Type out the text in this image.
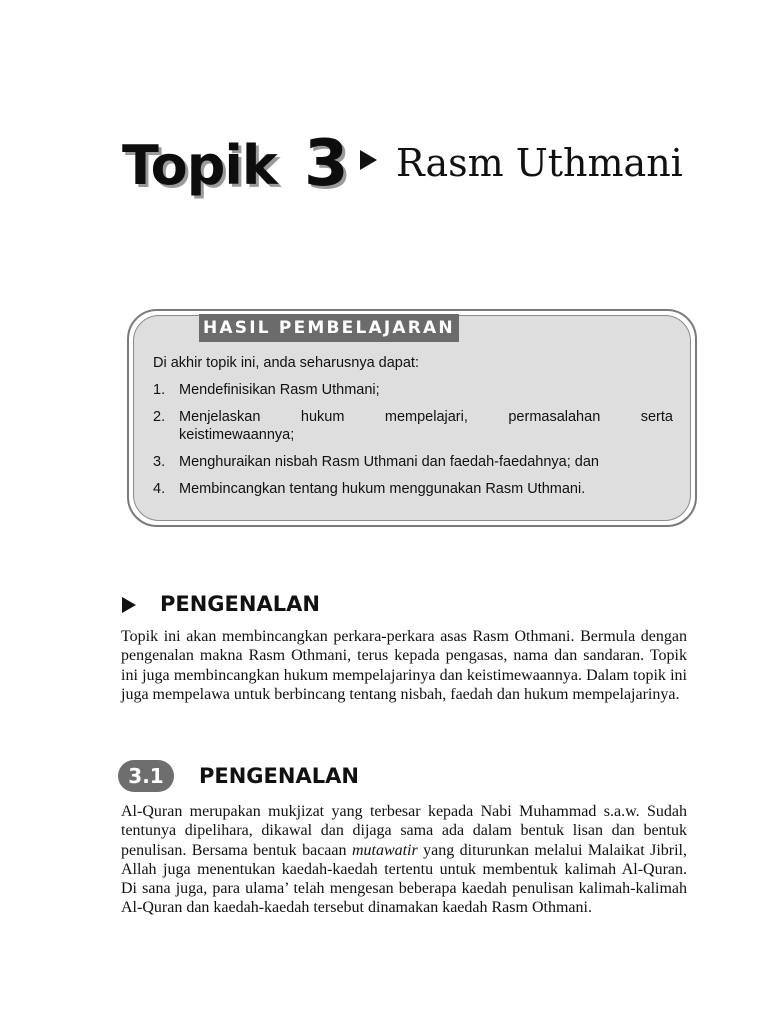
Topik 3 Rasm Uthmani
HASIL PEMBELAJARAN
Di akhir topik ini, anda seharusnya dapat:
1. Mendefinisikan Rasm Uthmani;
2. Menjelaskan	hukum	mempelajari,	permasalahan	serta
keistimewaannya;
3. Menghuraikan nisbah Rasm Uthmani dan faedah-faedahnya; dan
4. Membincangkan tentang hukum menggunakan Rasm Uthmani.
PENGENALAN

Topik ini akan membincangkan perkara-perkara asas Rasm Othmani. Bermula dengan pengenalan makna Rasm Othmani, terus kepada pengasas, nama dan sandaran. Topik ini juga membincangkan hukum mempelajarinya dan keistimewaannya. Dalam topik ini juga mempelawa untuk berbincang tentang nisbah, faedah dan hukum mempelajarinya.

3.1	PENGENALAN

Al-Quran merupakan mukjizat yang terbesar kepada Nabi Muhammad s.a.w. Sudah tentunya dipelihara, dikawal dan dijaga sama ada dalam bentuk lisan dan bentuk penulisan. Bersama bentuk bacaan mutawatir yang diturunkan melalui Malaikat Jibril, Allah juga menentukan kaedah-kaedah tertentu untuk membentuk kalimah Al-Quran. Di sana juga, para ulama’ telah mengesan beberapa kaedah penulisan kalimah-kalimah Al-Quran dan kaedah-kaedah tersebut dinamakan kaedah Rasm Othmani.
